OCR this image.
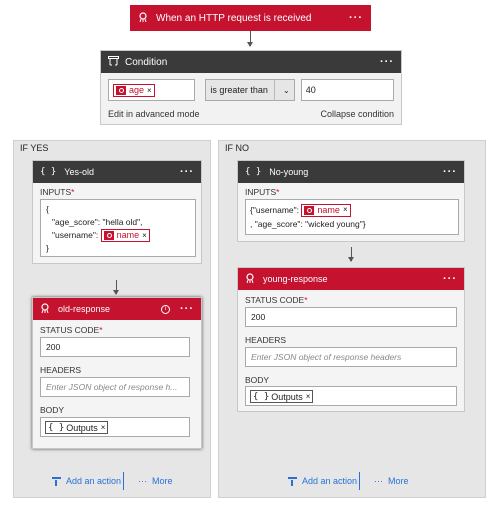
When an HTTP request is received	···
Condition	···
age ×	is greater than	⌄ 40
Edit in advanced mode	Collapse condition
IF YES
{ } Yes-old	···
INPUTS*
{
"age_score": "hella old",
"username":
name ×
}
old-response	i	···
STATUS CODE*
200
HEADERS
Enter JSON object of response h...
BODY
{ } Outputs ×
Add an action ··· More
IF NO
{ } No-young	···
INPUTS*
{"username":
name ×
, "age_score": "wicked young"}
young-response	···
STATUS CODE*
200
HEADERS
Enter JSON object of response headers
BODY
{ } Outputs ×
Add an action ··· More
